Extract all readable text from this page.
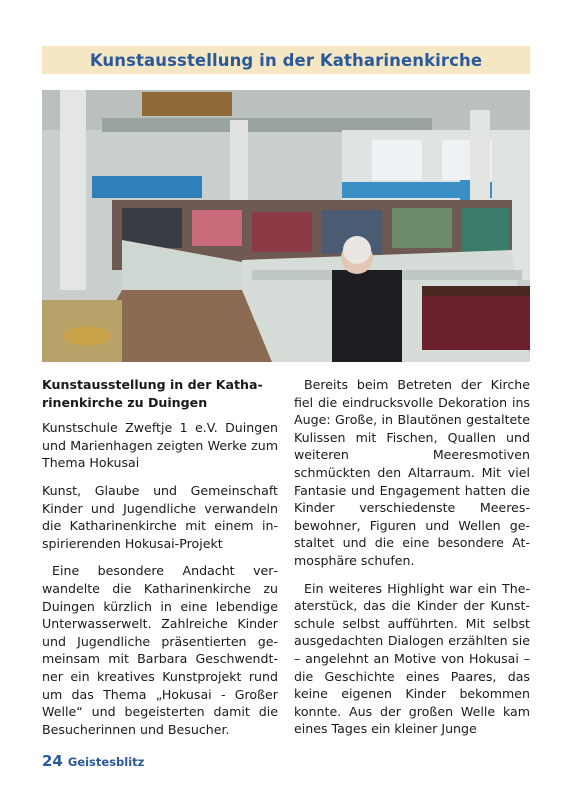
Kunstausstellung in der Katharinenkirche
Kunstausstellung in der Katha-
rinenkirche zu Duingen

Kunstschule Zweftje 1 e.V. Duingen und Marienhagen zeigten Werke zum Thema Hokusai

Kunst, Glaube und Gemeinschaft Kinder und Jugendliche verwandeln die Katharinenkirche mit einem inspirierenden Hokusai-Projekt

Eine besondere Andacht verwandelte die Katharinenkirche zu Duingen kürzlich in eine lebendige Unterwasserwelt. Zahlreiche Kinder und Jugendliche präsentierten gemeinsam mit Barbara Geschwendtner ein kreatives Kunstprojekt rund um das Thema „Hokusai - Großer Welle“ und begeisterten damit die Besucherinnen und Besucher.

Bereits beim Betreten der Kirche fiel die eindrucksvolle Dekoration ins Auge: Große, in Blautönen gestaltete Kulissen mit Fischen, Quallen und weiteren Meeresmotiven schmückten den Altarraum. Mit viel Fantasie und Engagement hatten die Kinder verschiedenste Meeresbewohner, Figuren und Wellen gestaltet und die eine besondere Atmosphäre schufen.

Ein weiteres Highlight war ein Theaterstück, das die Kinder der Kunstschule selbst aufführten. Mit selbst ausgedachten Dialogen erzählten sie – angelehnt an Motive von Hokusai – die Geschichte eines Paares, das keine eigenen Kinder bekommen konnte. Aus der großen Welle kam eines Tages ein kleiner Junge

24 Geistesblitz
